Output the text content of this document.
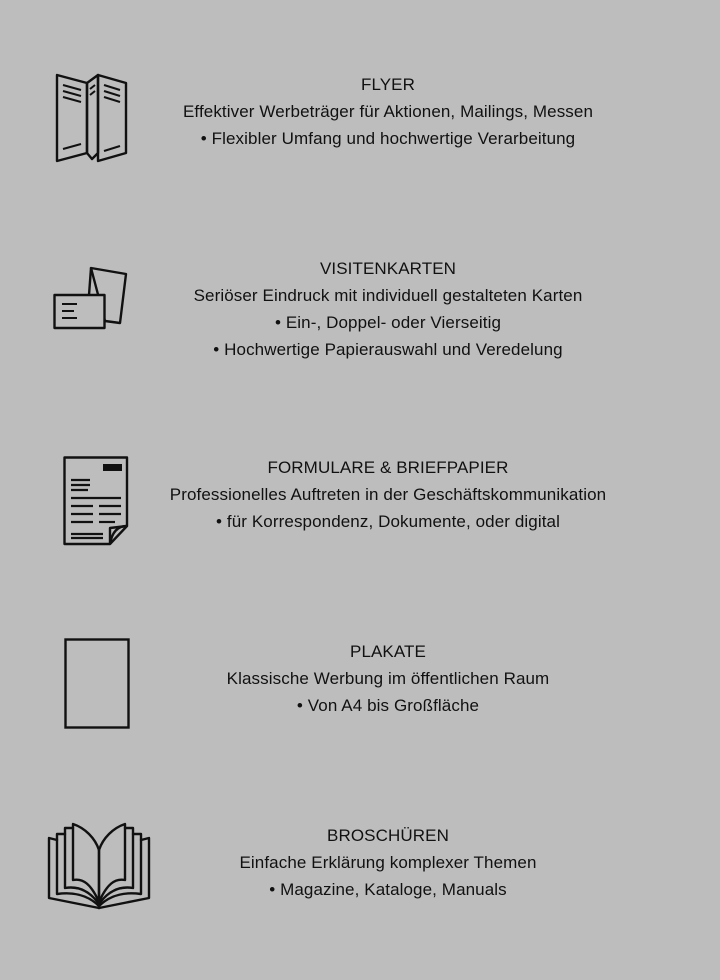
FLYER
Effektiver Werbeträger für Aktionen, Mailings, Messen
• Flexibler Umfang und hochwertige Verarbeitung
VISITENKARTEN
Seriöser Eindruck mit individuell gestalteten Karten
• Ein-, Doppel- oder Vierseitig
• Hochwertige Papierauswahl und Veredelung
FORMULARE & BRIEFPAPIER
Professionelles Auftreten in der Geschäftskommunikation
• für Korrespondenz, Dokumente, oder digital
PLAKATE
Klassische Werbung im öffentlichen Raum
• Von A4 bis Großfläche
BROSCHÜREN
Einfache Erklärung komplexer Themen
• Magazine, Kataloge, Manuals
